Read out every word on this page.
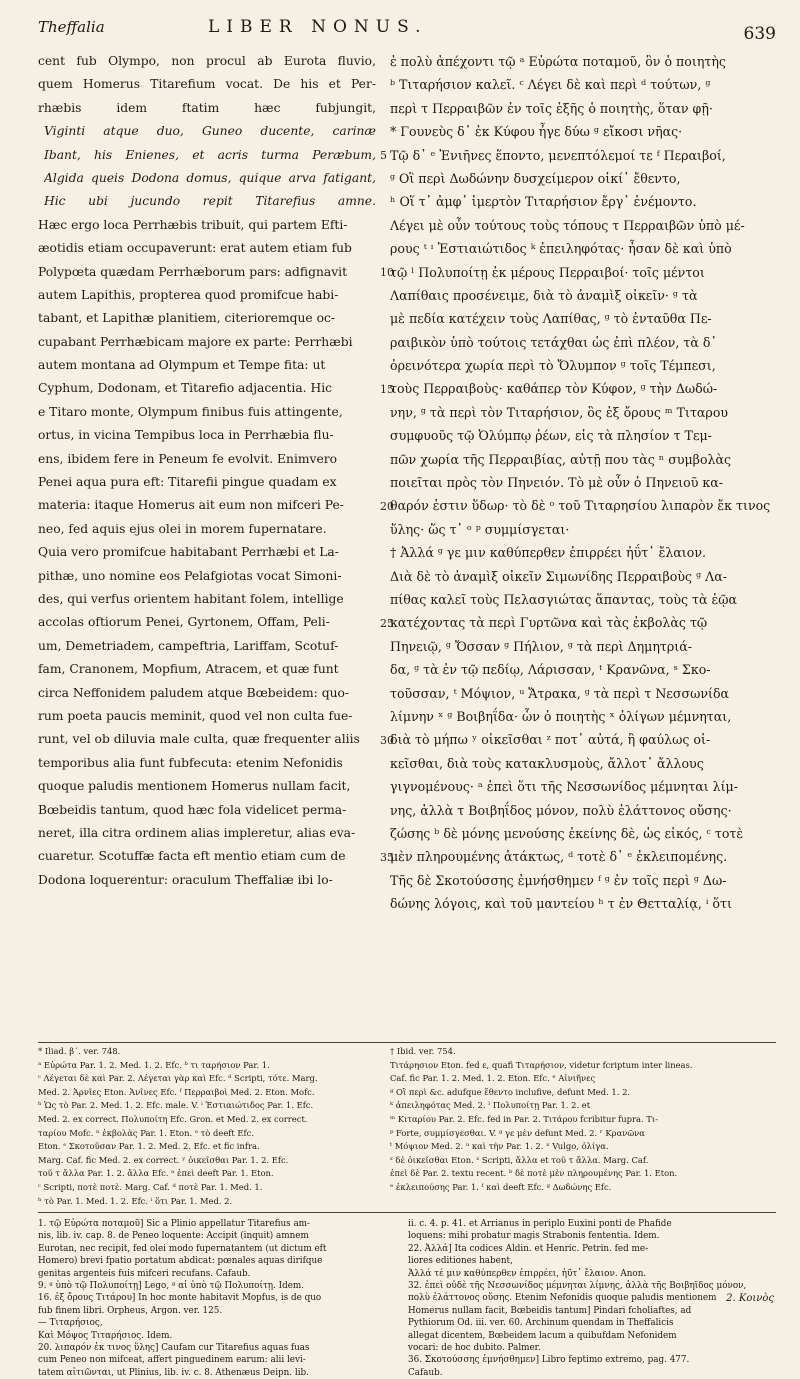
Theffalia	LIBER NONUS.	639
cent fub Olympo, non procul ab Eurota fluvio,
quem Homerus Titarefium vocat. De his et Per-
rhæbis idem ftatim hæc fubjungit,
Viginti atque duo, Guneo ducente, carinæ
Ibant, his Enienes, et acris turma Peræbum,
Algida queis Dodona domus, quique arva fatigant,
Hic ubi jucundo repit Titarefius amne.
Hæc ergo loca Perrhæbis tribuit, qui partem Efti-
æotidis etiam occupaverunt: erat autem etiam fub
Polypœta quædam Perrhæborum pars: adfignavit
autem Lapithis, propterea quod promifcue habi-
tabant, et Lapithæ planitiem, citerioremque oc-
cupabant Perrhæbicam majore ex parte: Perrhæbi
autem montana ad Olympum et Tempe fita: ut
Cyphum, Dodonam, et Titarefio adjacentia. Hic
e Titaro monte, Olympum finibus fuis attingente,
ortus, in vicina Tempibus loca in Perrhæbia flu-
ens, ibidem fere in Peneum fe evolvit. Enimvero
Penei aqua pura eft: Titarefii pingue quadam ex
materia: itaque Homerus ait eum non mifceri Pe-
neo, fed aquis ejus olei in morem fupernatare.
Quia vero promifcue habitabant Perrhæbi et La-
pithæ, uno nomine eos Pelafgiotas vocat Simoni-
des, qui verfus orientem habitant folem, intellige
accolas oftiorum Penei, Gyrtonem, Offam, Peli-
um, Demetriadem, campeftria, Lariffam, Scotuf-
fam, Cranonem, Mopfium, Atracem, et quæ funt
circa Neffonidem paludem atque Bœbeidem: quo-
rum poeta paucis meminit, quod vel non culta fue-
runt, vel ob diluvia male culta, quæ frequenter aliis
temporibus alia funt fubfecuta: etenim Nefonidis
quoque paludis mentionem Homerus nullam facit,
Bœbeidis tantum, quod hæc fola videlicet perma-
neret, illa citra ordinem alias impleretur, alias eva-
cuaretur. Scotuffæ facta eft mentio etiam cum de
Dodona loquerentur: oraculum Theffaliæ ibi lo-
5
10
15
20
25
30
35
ἐ πολὺ ἀπέχοντι τῷ ᵃ Εὐρώτα ποταμοῦ, ὃν ὁ ποιητὴς
ᵇ Τιταρήσιον καλεῖ. ᶜ Λέγει δὲ καὶ περὶ ᵈ τούτων, ᵍ
περὶ τ Περραιβῶν ἐν τοῖς ἑξῆς ὁ ποιητὴς, ὅταν φῇ·
* Γουνεὺς δ᾽ ἐκ Κύφου ἦγε δύω ᵍ εἴκοσι νῆας·
Τῷ δ᾽ ᵉ Ἐνιῆνες ἕποντο, μενεπτόλεμοί τε ᶠ Περαιβοί,
ᵍ Οἳ περὶ Δωδώνην δυσχείμερον οἰκί᾽ ἔθεντο,
ʰ Οἵ τ᾽ ἀμφ᾽ ἱμερτὸν Τιταρήσιον ἔργ᾽ ἐνέμοντο.
Λέγει μὲ οὖν τούτους τοὺς τόπους τ Περραιβῶν ὑπὸ μέ-
ρους ᵗ ᶦ Ἑστιαιώτιδος ᵏ ἐπειληφότας· ἦσαν δὲ καὶ ὑπὸ
τῷ ˡ Πολυποίτῃ ἐκ μέρους Περραιβοί· τοῖς μέντοι
Λαπίθαις προσένειμε, διὰ τὸ ἀναμὶξ οἰκεῖν· ᵍ τὰ
μὲ πεδία κατέχειν τοὺς Λαπίθας, ᵍ τὸ ἐνταῦθα Πε-
ραιβικὸν ὑπὸ τούτοις τετάχθαι ὡς ἐπὶ πλέον, τὰ δ᾽
ὀρεινότερα χωρία περὶ τὸ Ὄλυμπον ᵍ τοῖς Τέμπεσι,
τοὺς Περραιβοὺς· καθάπερ τὸν Κύφον, ᵍ τὴν Δωδώ-
νην, ᵍ τὰ περὶ τὸν Τιταρήσιον, ὃς ἐξ ὄρους ᵐ Τιταρου
συμφυοῦς τῷ Ὀλύμπῳ ῥέων, εἰς τὰ πλησίον τ Τεμ-
πῶν χωρία τῆς Περραιβίας, αὐτῇ που τὰς ⁿ συμβολὰς
ποιεῖται πρὸς τὸν Πηνειόν. Τὸ μὲ οὖν ὁ Πηνειοῦ κα-
θαρόν ἐστιν ὕδωρ· τὸ δὲ ᵒ τοῦ Τιταρησίου λιπαρὸν ἔκ τινος
ὕλης· ὥς τ᾽ ᵒ ᵖ συμμίσγεται·
† Ἀλλά ᵍ γε μιν καθύπερθεν ἐπιρρέει ἠΰτ᾽ ἔλαιον.
Διὰ δὲ τὸ ἀναμὶξ οἰκεῖν Σιμωνίδης Περραιβοὺς ᵍ Λα-
πίθας καλεῖ τοὺς Πελασγιώτας ἅπαντας, τοὺς τὰ ἑῷα
κατέχοντας τὰ περὶ Γυρτῶνα καὶ τὰς ἐκβολὰς τῷ
Πηνειῷ, ᵍ Ὄσσαν ᵍ Πήλιον, ᵍ τὰ περὶ Δημητριά-
δα, ᵍ τὰ ἐν τῷ πεδίῳ, Λάρισσαν, ᵗ Κρανῶνα, ˢ Σκο-
τοῦσσαν, ᵗ Μόψιον, ᵘ Ἄτρακα, ᵍ τὰ περὶ τ Νεσσωνίδα
λίμνην ˣ ᵍ Βοιβηΐδα· ὧν ὁ ποιητὴς ˣ ὀλίγων μέμνηται,
διὰ τὸ μήπω ʸ οἰκεῖσθαι ᶻ ποτ᾽ αὐτά, ἢ φαύλως οἰ-
κεῖσθαι, διὰ τοὺς κατακλυσμοὺς, ἄλλοτ᾽ ἄλλους
γιγνομένους· ᵃ ἐπεὶ ὅτι τῆς Νεσσωνίδος μέμνηται λίμ-
νης, ἀλλὰ τ Βοιβηΐδος μόνον, πολὺ ἐλάττονος οὔσης·
ζώσης ᵇ δὲ μόνης μενούσης ἐκείνης δὲ, ὡς εἰκός, ᶜ τοτὲ
μὲν πληρουμένης ἀτάκτως, ᵈ τοτὲ δ᾽ ᵉ ἐκλειπομένης.
Τῆς δὲ Σκοτούσσης ἐμνήσθημεν ᶠ ᵍ ἐν τοῖς περὶ ᵍ Δω-
δώνης λόγοις, καὶ τοῦ μαντείου ʰ τ ἐν Θετταλίᾳ, ⁱ ὅτι
* Iliad. β΄. ver. 748.
ᵃ Εὐρώτα Par. 1. 2. Med. 1. 2. Efc. ᵇ τι ταρήσιον Par. 1.
ᶜ Λέγεται δὲ καὶ Par. 2. Λέγεται γὰρ καὶ Efc. ᵈ Scripti, τότε. Marg.
Med. 2. Ἀρνῖες Eton. Ἀνῖνες Efc. ᶠ Περραιβοὶ Med. 2. Eton. Mofc.
ʰ Ὡς τὸ Par. 2. Med. 1. 2. Efc. male. V. ⁱ Ἑστιαιώτιδος Par. 1. Efc.
Med. 2. ex correct. Πολυποίτη Efc. Gron. et Med. 2. ex correct.
ταρίου Mofc. ⁿ ἐκβολὰς Par. 1. Eton. ᵒ τὸ deeft Efc.
Eton. ˢ Σκοτοῦσαν Par. 1. 2. Med. 2. Efc. et fic infra.
Marg. Caf. fic Med. 2. ex correct. ʸ ὀικεῖσθαι Par. 1. 2. Efc.
τοῦ τ ἄλλα Par. 1. 2. ἄλλα Efc. ᵃ ἐπεὶ deeft Par. 1. Eton.
ᶜ Scripti, ποτὲ ποτὲ. Marg. Caf. ᵈ ποτὲ Par. 1. Med. 1.
ʰ τὸ Par. 1. Med. 1. 2. Efc. ⁱ ὅτι Par. 1. Med. 2.
† Ibid. ver. 754.
Τιτάρησιον Eton. fed ε, quafi Τιταρήσιον, videtur fcriptum inter lineas.
Caf. fic Par. 1. 2. Med. 1. 2. Eton. Efc. ᵉ Αἰνιῆνες
ᵍ Οἳ περὶ &c. adufque ἔθεντο inclufive, defunt Med. 1. 2.
ᵏ ἀπειληφότας Med. 2. ˡ Πολυποίτῃ Par. 1. 2. et
ᵐ Κιταρίου Par. 2. Efc. fed in Par. 2. Τιτάρου fcribitur fupra. Τι-
ᵖ Forte, συμμίσγεσθαι. V. ᵍ γε μὲν defunt Med. 2. ʳ Κρανῶνα
ᵗ Μόψιον Med. 2. ᵘ καὶ τὴν Par. 1. 2. ˣ Vulgo, ὀλίγα.
ᶻ δὲ ὀικεῖσθαι Eton. ᶻ Scripti, ἄλλα et τοῦ τ ἄλλα. Marg. Caf.
ἐπεὶ δὲ Par. 2. textu recent. ᵇ δὲ ποτὲ μὲν πληρουμένης Par. 1. Eton.
ᵉ ἐκλειπούσης Par. 1. ᶠ καὶ deeft Efc. ᵍ Δωδώνης Efc.
1. τῷ Εὐρώτα ποταμοῦ] Sic a Plinio appellatur Titarefius am-
nis, lib. iv. cap. 8. de Peneo loquente: Accipit (inquit) amnem
Eurotan, nec recipit, fed olei modo fupernatantem (ut dictum eft
Homero) brevi fpatio portatum abdicat: pœnales aquas dirifque
genitas argenteis fuis mifceri recufans. Cafaub.
9. ᵍ ὑπὸ τῷ Πολυποίτῃ] Lego, ᵍ αἱ ὑπὸ τῷ Πολυποίτῃ. Idem.
16. ἐξ ὄρους Τιτάρου] In hoc monte habitavit Mopfus, is de quo
fub finem libri. Orpheus, Argon. ver. 125.
— Τιταρήσιος,
Καὶ Μόψος Τιταρήσιος. Idem.
20. λιπαρόν ἐκ τινος ὕλης] Caufam cur Titarefius aquas fuas
cum Peneo non mifceat, affert pinguedinem earum: alii levi-
tatem αἰτιῶνται, ut Plinius, lib. iv. c. 8. Athenæus Deipn. lib.
ii. c. 4. p. 41. et Arrianus in periplo Euxini ponti de Phafide
loquens: mihi probatur magis Strabonis fententia. Idem.
22. Ἀλλά] Ita codices Aldin. et Henric. Petrin. fed me-
liores editiones habent,
Ἀλλά τέ μιν καθύπερθεν ἐπιρρέει, ἠΰτ᾽ ἔλαιον. Anon.
32. ἐπεὶ οὐδὲ τῆς Νεσσωνίδος μέμνηται λίμνης, ἀλλὰ τῆς Βοιβηΐδος μόνον,
πολὺ ἐλάττονος οὔσης. Etenim Nefonidis quoque paludis mentionem
Homerus nullam facit, Bœbeidis tantum] Pindari fcholiaftes, ad
Pythiorum Od. iii. ver. 60. Archinum quendam in Theffalicis
allegat dicentem, Bœbeidem lacum a quibufdam Nefonidem
vocari: de hoc dubito. Palmer.
36. Σκοτούσσης ἐμνήσθημεν] Libro feptimo extremo, pag. 477.
Cafaub.
2. Κοινὸς
